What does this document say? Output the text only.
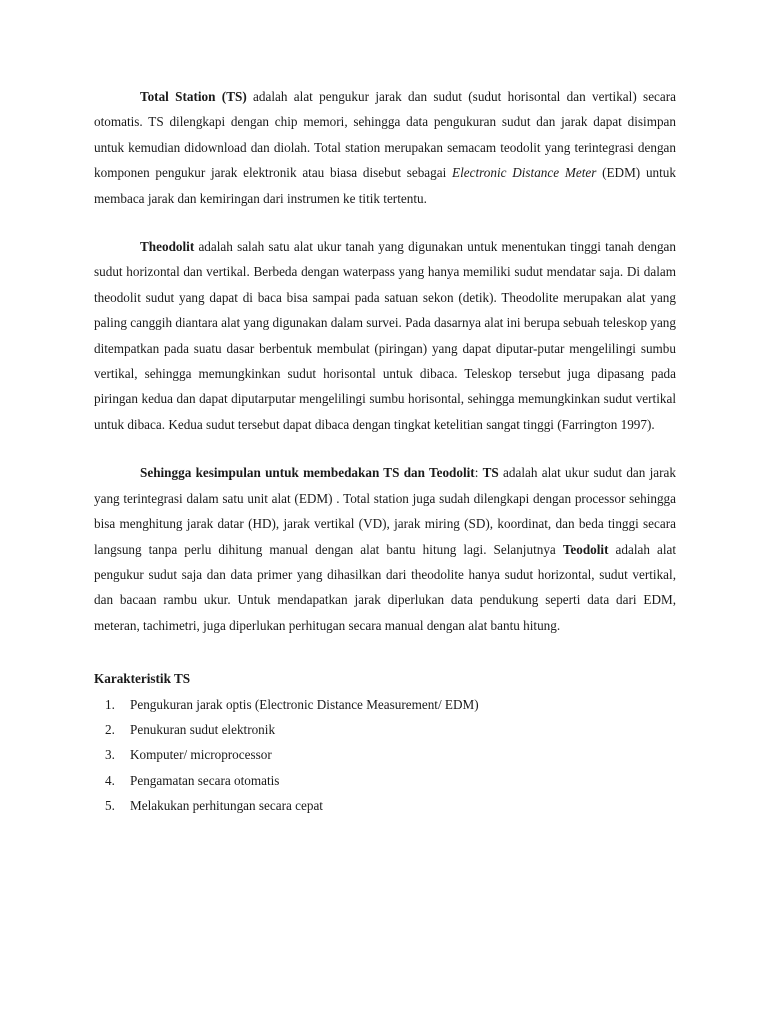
Total Station (TS) adalah alat pengukur jarak dan sudut (sudut horisontal dan vertikal) secara otomatis. TS dilengkapi dengan chip memori, sehingga data pengukuran sudut dan jarak dapat disimpan untuk kemudian didownload dan diolah. Total station merupakan semacam teodolit yang terintegrasi dengan komponen pengukur jarak elektronik atau biasa disebut sebagai Electronic Distance Meter (EDM) untuk membaca jarak dan kemiringan dari instrumen ke titik tertentu.

Theodolit adalah salah satu alat ukur tanah yang digunakan untuk menentukan tinggi tanah dengan sudut horizontal dan vertikal. Berbeda dengan waterpass yang hanya memiliki sudut mendatar saja. Di dalam theodolit sudut yang dapat di baca bisa sampai pada satuan sekon (detik). Theodolite merupakan alat yang paling canggih diantara alat yang digunakan dalam survei. Pada dasarnya alat ini berupa sebuah teleskop yang ditempatkan pada suatu dasar berbentuk membulat (piringan) yang dapat diputar-putar mengelilingi sumbu vertikal, sehingga memungkinkan sudut horisontal untuk dibaca. Teleskop tersebut juga dipasang pada piringan kedua dan dapat diputarputar mengelilingi sumbu horisontal, sehingga memungkinkan sudut vertikal untuk dibaca. Kedua sudut tersebut dapat dibaca dengan tingkat ketelitian sangat tinggi (Farrington 1997).

Sehingga kesimpulan untuk membedakan TS dan Teodolit: TS adalah alat ukur sudut dan jarak yang terintegrasi dalam satu unit alat (EDM) . Total station juga sudah dilengkapi dengan processor sehingga bisa menghitung jarak datar (HD), jarak vertikal (VD), jarak miring (SD), koordinat, dan beda tinggi secara langsung tanpa perlu dihitung manual dengan alat bantu hitung lagi. Selanjutnya Teodolit adalah alat pengukur sudut saja dan data primer yang dihasilkan dari theodolite hanya sudut horizontal, sudut vertikal, dan bacaan rambu ukur. Untuk mendapatkan jarak diperlukan data pendukung seperti data dari EDM, meteran, tachimetri, juga diperlukan perhitugan secara manual dengan alat bantu hitung.

Karakteristik TS
1.	Pengukuran jarak optis (Electronic Distance Measurement/ EDM)
2.	Penukuran sudut elektronik
3.	Komputer/ microprocessor
4.	Pengamatan secara otomatis
5.	Melakukan perhitungan secara cepat
